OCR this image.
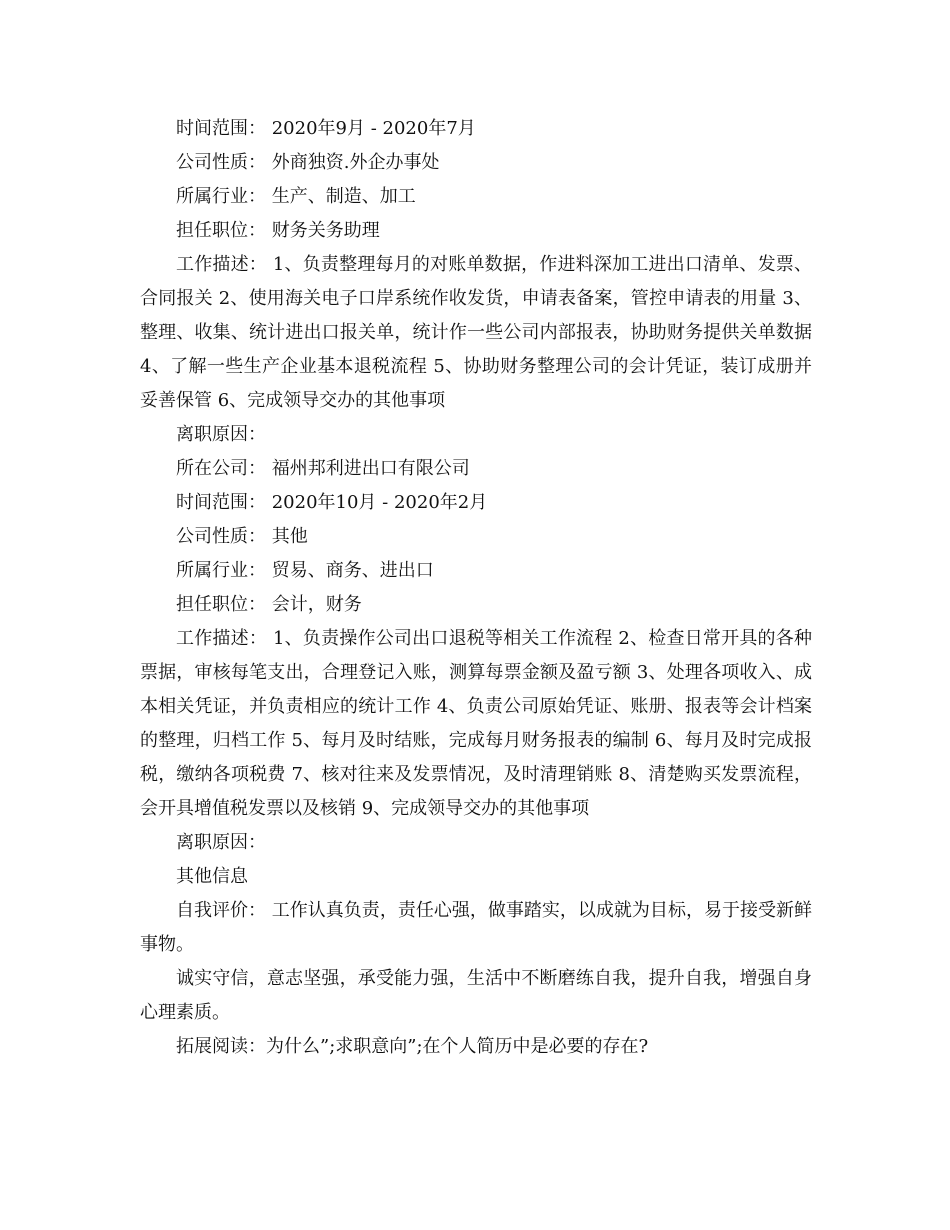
时间范围： 2020年9月 - 2020年7月

公司性质： 外商独资.外企办事处

所属行业： 生产、制造、加工

担任职位： 财务关务助理

工作描述： 1、负责整理每月的对账单数据，作进料深加工进出口清单、发票、合同报关 2、使用海关电子口岸系统作收发货，申请表备案，管控申请表的用量 3、整理、收集、统计进出口报关单，统计作一些公司内部报表，协助财务提供关单数据 4、了解一些生产企业基本退税流程 5、协助财务整理公司的会计凭证，装订成册并妥善保管 6、完成领导交办的其他事项

离职原因：

所在公司： 福州邦利进出口有限公司

时间范围： 2020年10月 - 2020年2月

公司性质： 其他

所属行业： 贸易、商务、进出口

担任职位： 会计，财务

工作描述： 1、负责操作公司出口退税等相关工作流程 2、检查日常开具的各种票据，审核每笔支出，合理登记入账，测算每票金额及盈亏额 3、处理各项收入、成本相关凭证，并负责相应的统计工作 4、负责公司原始凭证、账册、报表等会计档案的整理，归档工作 5、每月及时结账，完成每月财务报表的编制 6、每月及时完成报税，缴纳各项税费 7、核对往来及发票情况，及时清理销账 8、清楚购买发票流程，会开具增值税发票以及核销 9、完成领导交办的其他事项

离职原因：

其他信息

自我评价： 工作认真负责，责任心强，做事踏实，以成就为目标，易于接受新鲜事物。

诚实守信，意志坚强，承受能力强，生活中不断磨练自我，提升自我，增强自身心理素质。

拓展阅读：为什么”;求职意向”;在个人简历中是必要的存在?
